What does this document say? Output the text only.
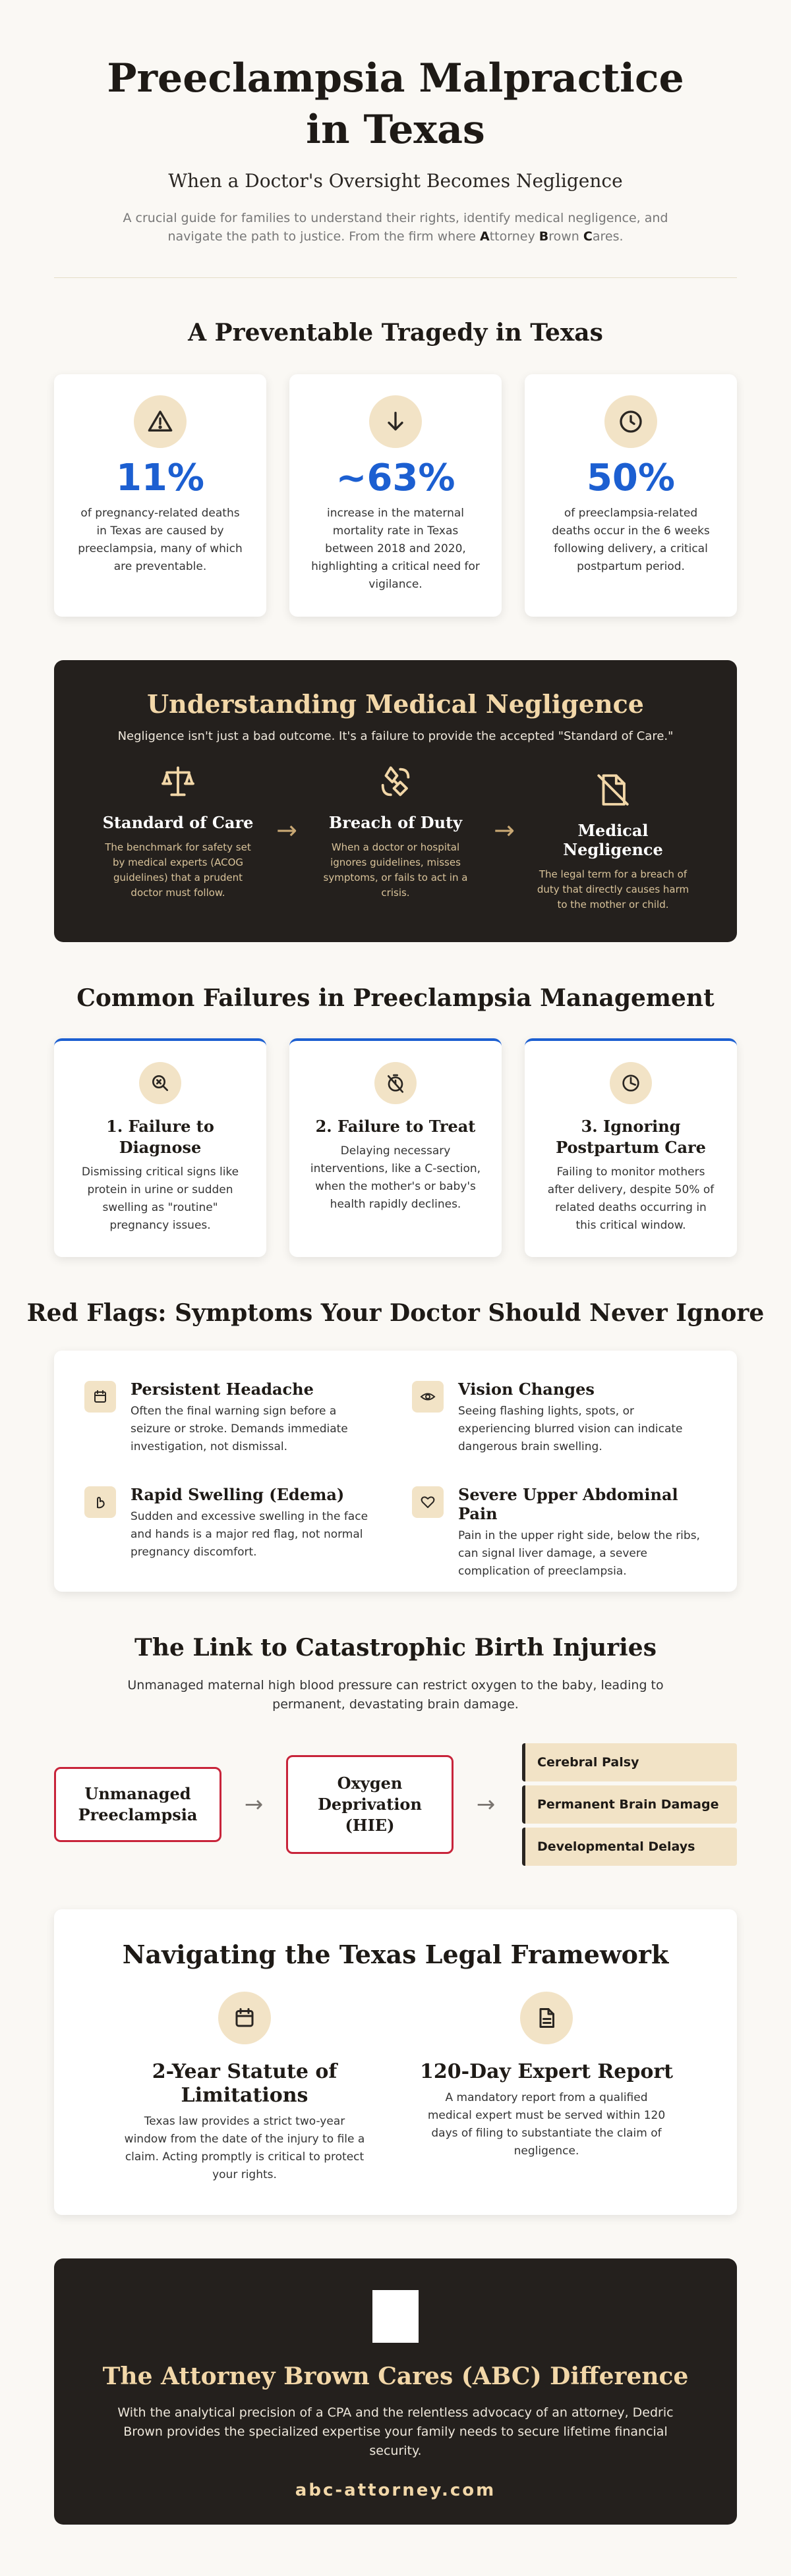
Preeclampsia Malpractice in Texas
When a Doctor's Oversight Becomes Negligence
A crucial guide for families to understand their rights, identify medical negligence, and navigate the path to justice. From the firm where Attorney Brown Cares.
A Preventable Tragedy in Texas
11%
of pregnancy-related deaths in Texas are caused by preeclampsia, many of which are preventable.
~63%
increase in the maternal mortality rate in Texas between 2018 and 2020, highlighting a critical need for vigilance.
50%
of preeclampsia-related deaths occur in the 6 weeks following delivery, a critical postpartum period.
Understanding Medical Negligence
Negligence isn't just a bad outcome. It's a failure to provide the accepted "Standard of Care."
Standard of Care
The benchmark for safety set by medical experts (ACOG guidelines) that a prudent doctor must follow.
→	Breach of Duty
When a doctor or hospital ignores guidelines, misses symptoms, or fails to act in a crisis.
→	Medical Negligence
The legal term for a breach of duty that directly causes harm to the mother or child.
Common Failures in Preeclampsia Management
1. Failure to Diagnose
Dismissing critical signs like protein in urine or sudden swelling as "routine" pregnancy issues.
2. Failure to Treat
Delaying necessary interventions, like a C-section, when the mother's or baby's health rapidly declines.
3. Ignoring Postpartum Care
Failing to monitor mothers after delivery, despite 50% of related deaths occurring in this critical window.
Red Flags: Symptoms Your Doctor Should Never Ignore
Persistent Headache
Often the final warning sign before a seizure or stroke. Demands immediate investigation, not dismissal.
Vision Changes
Seeing flashing lights, spots, or experiencing blurred vision can indicate dangerous brain swelling.
Rapid Swelling (Edema)
Sudden and excessive swelling in the face and hands is a major red flag, not normal pregnancy discomfort.
Severe Upper Abdominal Pain
Pain in the upper right side, below the ribs, can signal liver damage, a severe complication of preeclampsia.
The Link to Catastrophic Birth Injuries
Unmanaged maternal high blood pressure can restrict oxygen to the baby, leading to permanent, devastating brain damage.
Unmanaged Preeclampsia	→
Oxygen Deprivation (HIE)
→
Cerebral Palsy
Permanent Brain Damage
Developmental Delays
Navigating the Texas Legal Framework
2-Year Statute of Limitations
Texas law provides a strict two-year window from the date of the injury to file a claim. Acting promptly is critical to protect your rights.
120-Day Expert Report
A mandatory report from a qualified medical expert must be served within 120 days of filing to substantiate the claim of negligence.
The Attorney Brown Cares (ABC) Difference
With the analytical precision of a CPA and the relentless advocacy of an attorney, Dedric Brown provides the specialized expertise your family needs to secure lifetime financial security.
abc-attorney.com
